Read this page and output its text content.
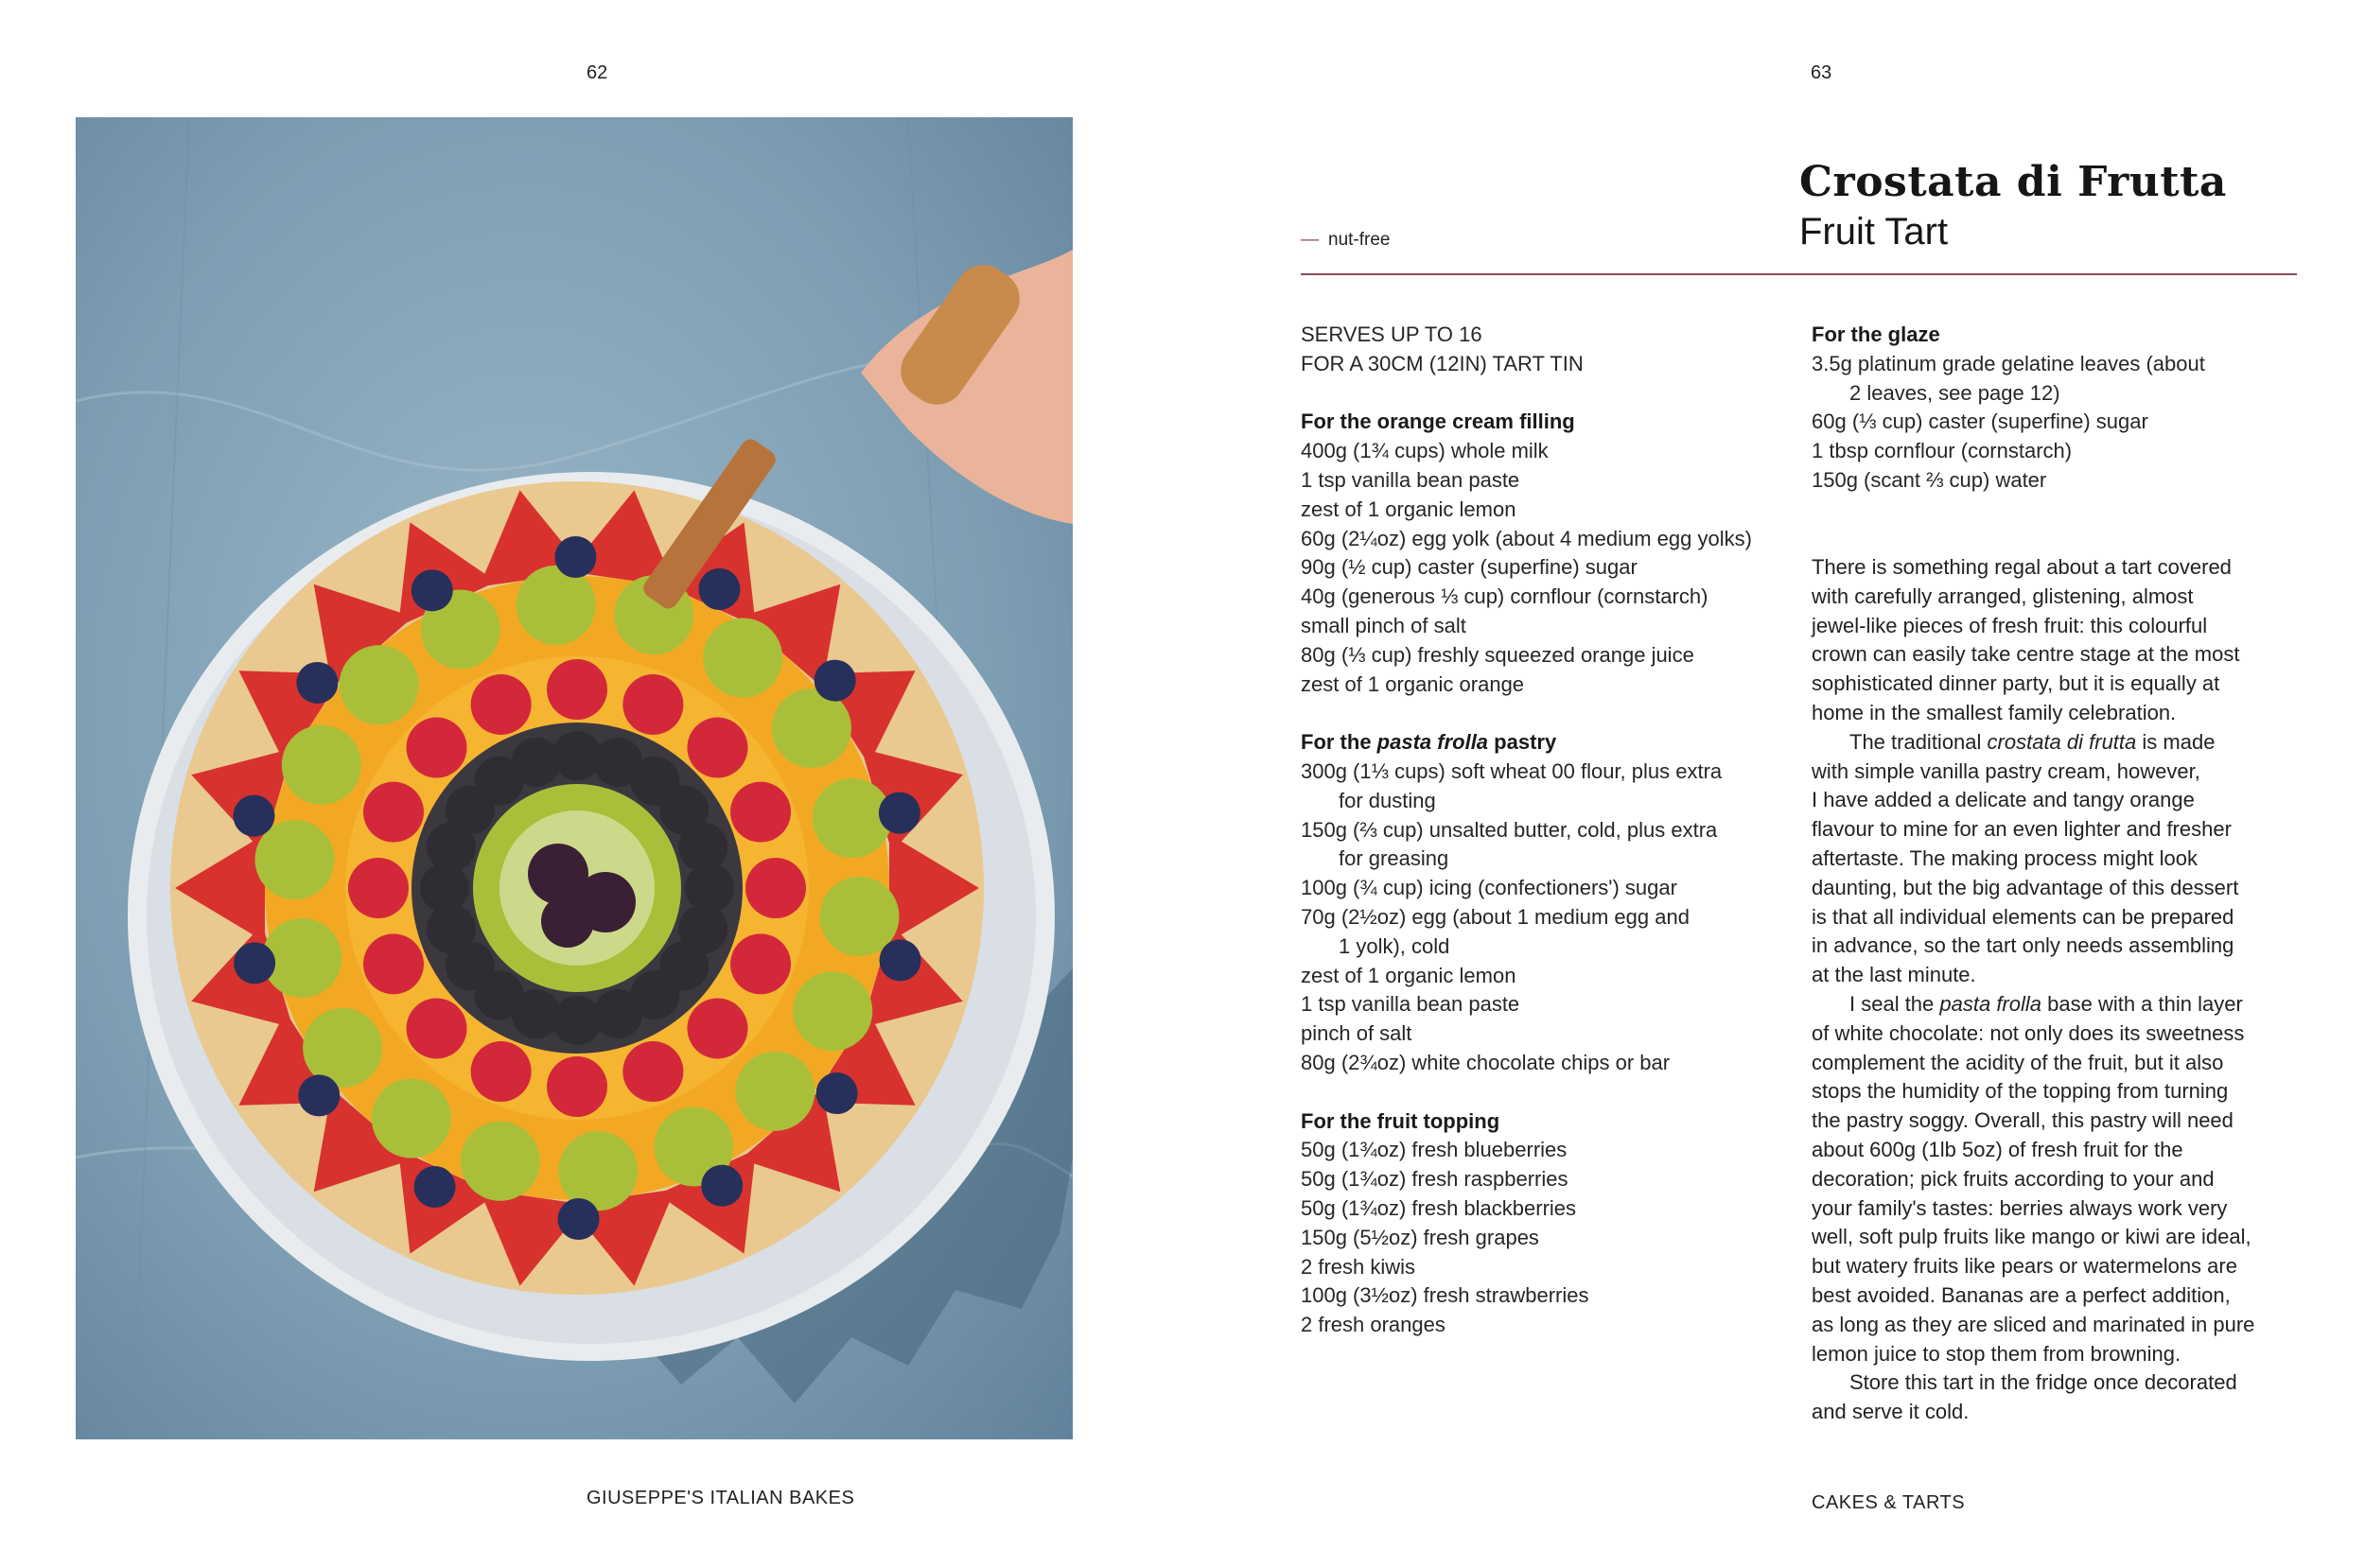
62
GIUSEPPE'S ITALIAN BAKES
63
— nut-free
Crostata di Frutta
Fruit Tart
SERVES UP TO 16
FOR A 30CM (12IN) TART TIN
For the orange cream filling
400g (1¾ cups) whole milk
1 tsp vanilla bean paste
zest of 1 organic lemon
60g (2¼oz) egg yolk (about 4 medium egg yolks)
90g (½ cup) caster (superfine) sugar
40g (generous ⅓ cup) cornflour (cornstarch)
small pinch of salt
80g (⅓ cup) freshly squeezed orange juice
zest of 1 organic orange
For the pasta frolla pastry
300g (1⅓ cups) soft wheat 00 flour, plus extra
for dusting
150g (⅔ cup) unsalted butter, cold, plus extra
for greasing
100g (¾ cup) icing (confectioners') sugar
70g (2½oz) egg (about 1 medium egg and
1 yolk), cold
zest of 1 organic lemon
1 tsp vanilla bean paste
pinch of salt
80g (2¾oz) white chocolate chips or bar
For the fruit topping
50g (1¾oz) fresh blueberries
50g (1¾oz) fresh raspberries
50g (1¾oz) fresh blackberries
150g (5½oz) fresh grapes
2 fresh kiwis
100g (3½oz) fresh strawberries
2 fresh oranges
For the glaze
3.5g platinum grade gelatine leaves (about
2 leaves, see page 12)
60g (⅓ cup) caster (superfine) sugar
1 tbsp cornflour (cornstarch)
150g (scant ⅔ cup) water
There is something regal about a tart covered
with carefully arranged, glistening, almost
jewel-like pieces of fresh fruit: this colourful
crown can easily take centre stage at the most
sophisticated dinner party, but it is equally at
home in the smallest family celebration.
The traditional crostata di frutta is made
with simple vanilla pastry cream, however,
I have added a delicate and tangy orange
flavour to mine for an even lighter and fresher
aftertaste. The making process might look
daunting, but the big advantage of this dessert
is that all individual elements can be prepared
in advance, so the tart only needs assembling
at the last minute.
I seal the pasta frolla base with a thin layer
of white chocolate: not only does its sweetness
complement the acidity of the fruit, but it also
stops the humidity of the topping from turning
the pastry soggy. Overall, this pastry will need
about 600g (1lb 5oz) of fresh fruit for the
decoration; pick fruits according to your and
your family's tastes: berries always work very
well, soft pulp fruits like mango or kiwi are ideal,
but watery fruits like pears or watermelons are
best avoided. Bananas are a perfect addition,
as long as they are sliced and marinated in pure
lemon juice to stop them from browning.
Store this tart in the fridge once decorated
and serve it cold.
CAKES & TARTS
